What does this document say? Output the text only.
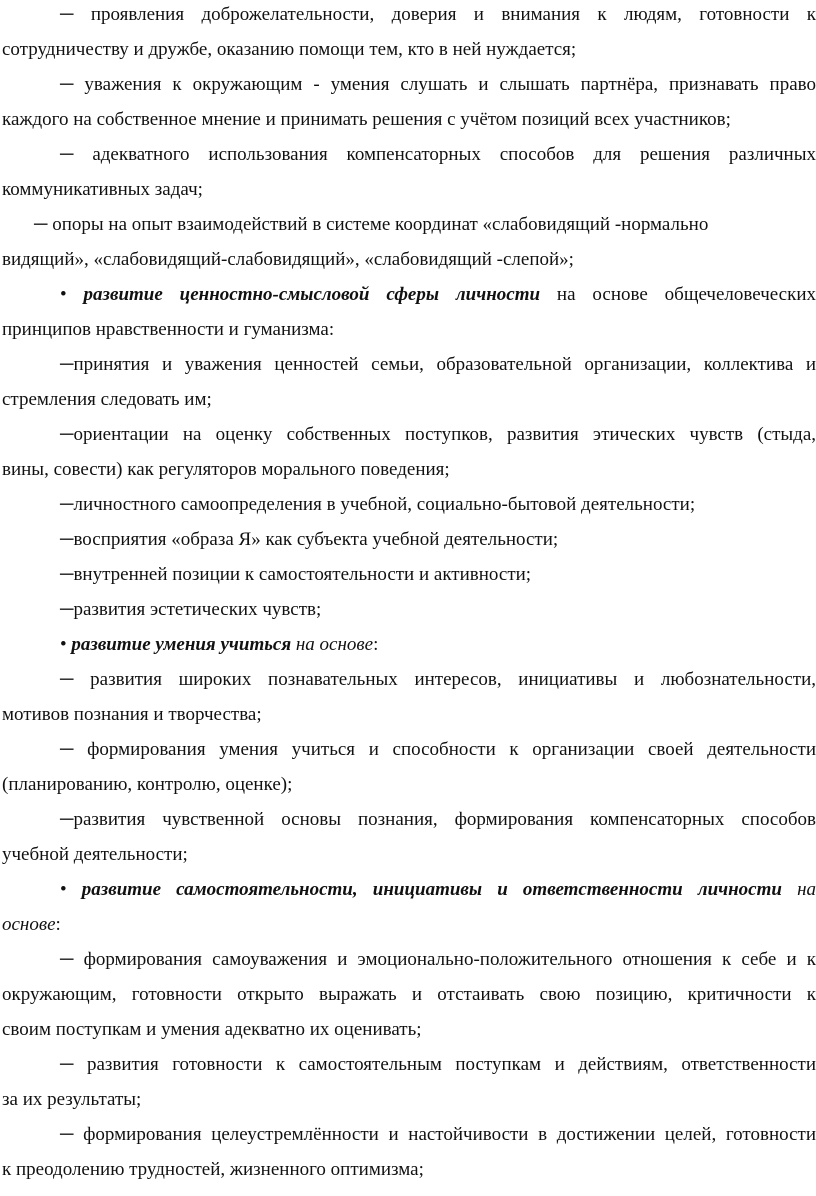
─ проявления доброжелательности, доверия и внимания к людям, готовности к
сотрудничеству и дружбе, оказанию помощи тем, кто в ней нуждается;
─ уважения к окружающим - умения слушать и слышать партнёра, признавать право
каждого на собственное мнение и принимать решения с учётом позиций всех участников;
─ адекватного использования компенсаторных способов для решения различных
коммуникативных задач;
─ опоры на опыт взаимодействий в системе координат «слабовидящий -нормально
видящий», «слабовидящий-слабовидящий», «слабовидящий -слепой»;
• развитие ценностно-смысловой сферы личности на основе общечеловеческих
принципов нравственности и гуманизма:
─принятия и уважения ценностей семьи, образовательной организации, коллектива и
стремления следовать им;
─ориентации на оценку собственных поступков, развития этических чувств (стыда,
вины, совести) как регуляторов морального поведения;
─личностного самоопределения в учебной, социально-бытовой деятельности;
─восприятия «образа Я» как субъекта учебной деятельности;
─внутренней позиции к самостоятельности и активности;
─развития эстетических чувств;
• развитие умения учиться на основе:
─ развития широких познавательных интересов, инициативы и любознательности,
мотивов познания и творчества;
─ формирования умения учиться и способности к организации своей деятельности
(планированию, контролю, оценке);
─развития чувственной основы познания, формирования компенсаторных способов
учебной деятельности;
• развитие самостоятельности, инициативы и ответственности личности на
основе:
─ формирования самоуважения и эмоционально-положительного отношения к себе и к
окружающим, готовности открыто выражать и отстаивать свою позицию, критичности к
своим поступкам и умения адекватно их оценивать;
─ развития готовности к самостоятельным поступкам и действиям, ответственности
за их результаты;
─ формирования целеустремлённости и настойчивости в достижении целей, готовности
к преодолению трудностей, жизненного оптимизма;
